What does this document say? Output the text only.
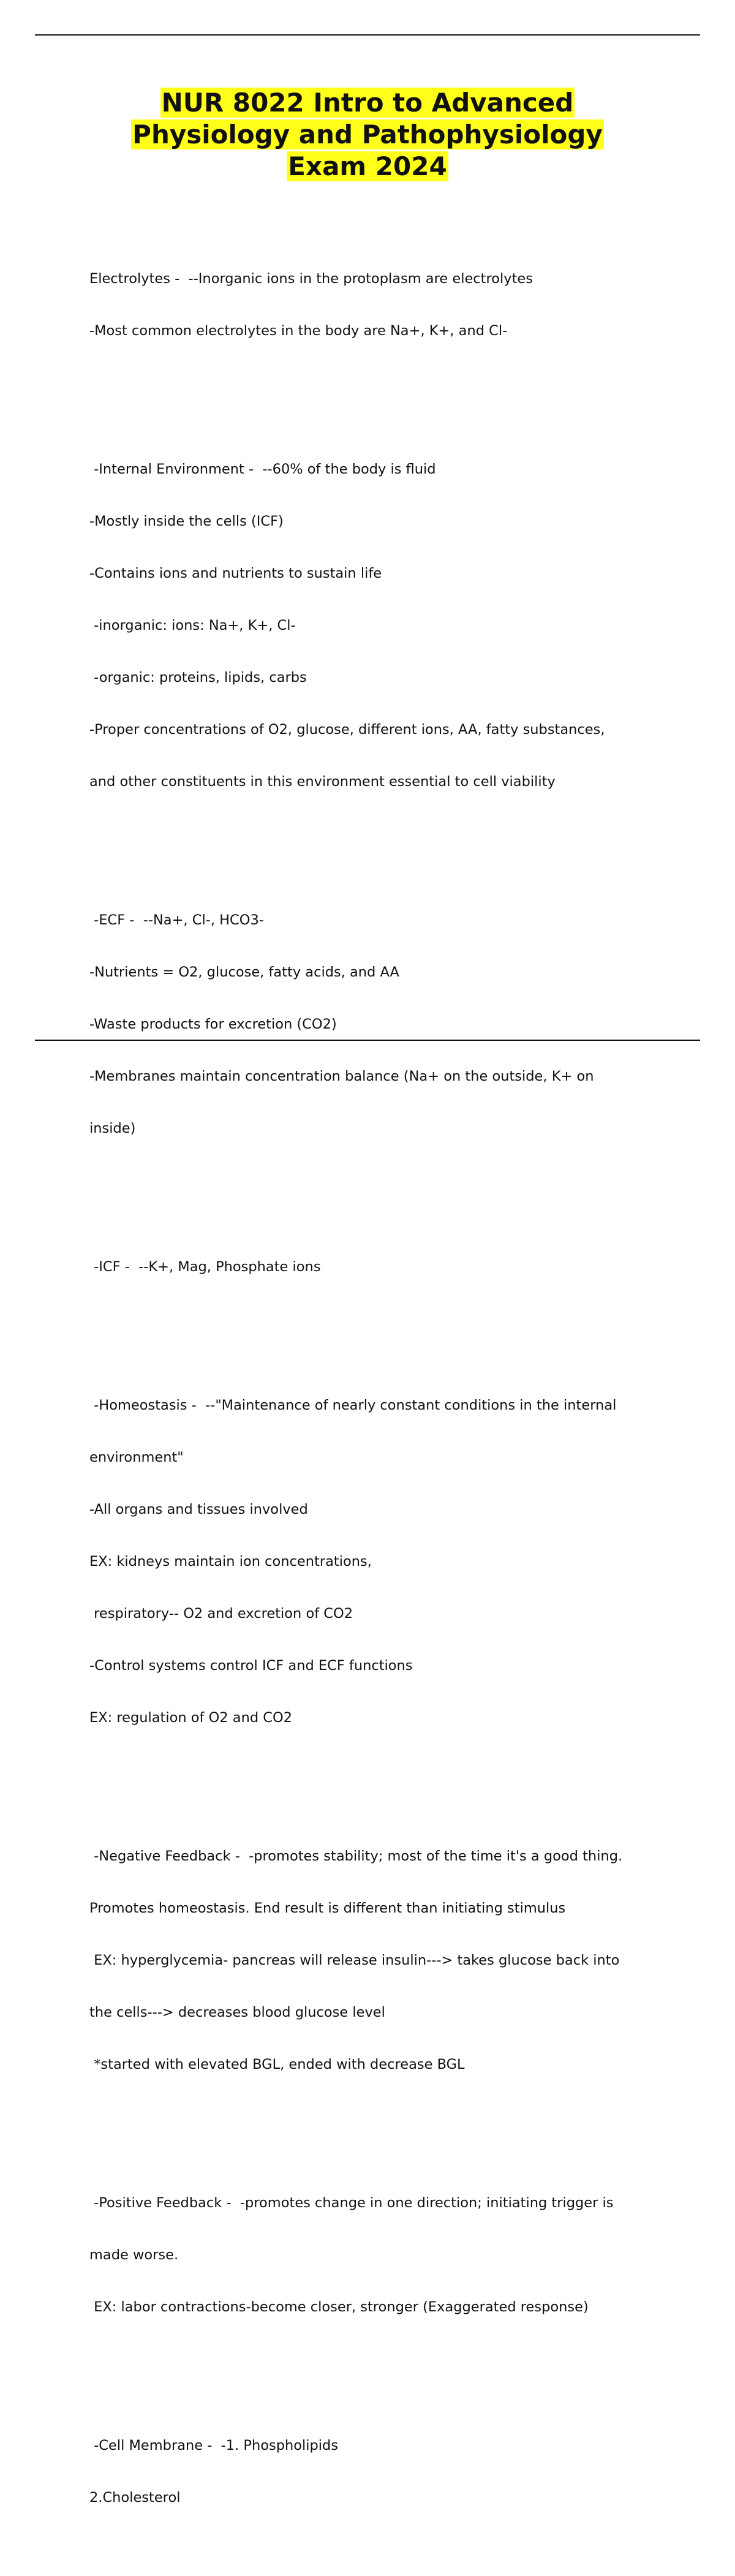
NUR 8022 Intro to Advanced
Physiology and Pathophysiology
Exam 2024

Electrolytes -  --Inorganic ions in the protoplasm are electrolytes

-Most common electrolytes in the body are Na+, K+, and Cl-

-Internal Environment -  --60% of the body is fluid

-Mostly inside the cells (ICF)

-Contains ions and nutrients to sustain life

-inorganic: ions: Na+, K+, Cl-

-organic: proteins, lipids, carbs

-Proper concentrations of O2, glucose, different ions, AA, fatty substances,

and other constituents in this environment essential to cell viability

-ECF -  --Na+, Cl-, HCO3-

-Nutrients = O2, glucose, fatty acids, and AA

-Waste products for excretion (CO2)

-Membranes maintain concentration balance (Na+ on the outside, K+ on

inside)

-ICF -  --K+, Mag, Phosphate ions

-Homeostasis -  --"Maintenance of nearly constant conditions in the internal

environment"

-All organs and tissues involved

EX: kidneys maintain ion concentrations,

respiratory-- O2 and excretion of CO2

-Control systems control ICF and ECF functions

EX: regulation of O2 and CO2

-Negative Feedback -  -promotes stability; most of the time it's a good thing.

Promotes homeostasis. End result is different than initiating stimulus

EX: hyperglycemia- pancreas will release insulin---> takes glucose back into

the cells---> decreases blood glucose level

*started with elevated BGL, ended with decrease BGL

-Positive Feedback -  -promotes change in one direction; initiating trigger is

made worse.

EX: labor contractions-become closer, stronger (Exaggerated response)

-Cell Membrane -  -1. Phospholipids

2.Cholesterol
